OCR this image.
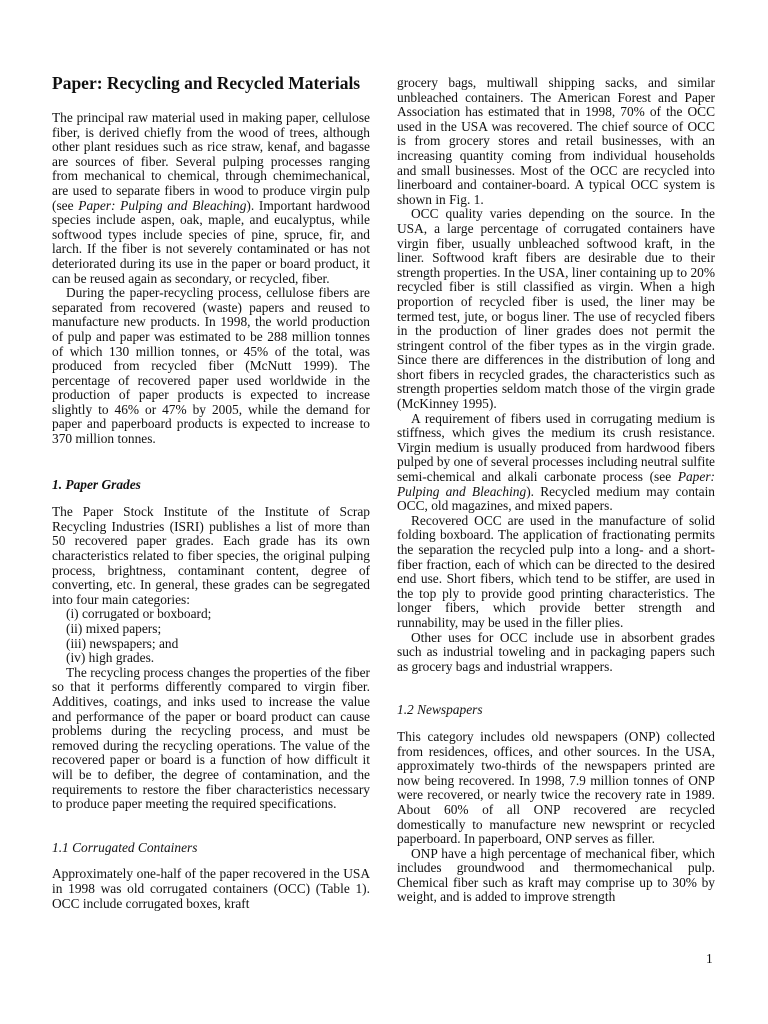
Paper: Recycling and Recycled Materials

The principal raw material used in making paper, cellulose fiber, is derived chiefly from the wood of trees, although other plant residues such as rice straw, kenaf, and bagasse are sources of fiber. Several pulping processes ranging from mechanical to chemical, through chemimechanical, are used to separate fibers in wood to produce virgin pulp (see Paper: Pulping and Bleaching). Important hardwood species include aspen, oak, maple, and eucalyptus, while softwood types include species of pine, spruce, fir, and larch. If the fiber is not severely contaminated or has not deteriorated during its use in the paper or board product, it can be reused again as secondary, or recycled, fiber.

During the paper-recycling process, cellulose fibers are separated from recovered (waste) papers and reused to manufacture new products. In 1998, the world production of pulp and paper was estimated to be 288 million tonnes of which 130 million tonnes, or 45% of the total, was produced from recycled fiber (McNutt 1999). The percentage of recovered paper used worldwide in the production of paper products is expected to increase slightly to 46% or 47% by 2005, while the demand for paper and paperboard products is expected to increase to 370 million tonnes.

1. Paper Grades

The Paper Stock Institute of the Institute of Scrap Recycling Industries (ISRI) publishes a list of more than 50 recovered paper grades. Each grade has its own characteristics related to fiber species, the original pulping process, brightness, contaminant content, degree of converting, etc. In general, these grades can be segregated into four main categories:

(i) corrugated or boxboard;
(ii) mixed papers;
(iii) newspapers; and
(iv) high grades.

The recycling process changes the properties of the fiber so that it performs differently compared to virgin fiber. Additives, coatings, and inks used to increase the value and performance of the paper or board product can cause problems during the recycling process, and must be removed during the recycling operations. The value of the recovered paper or board is a function of how difficult it will be to defiber, the degree of contamination, and the requirements to restore the fiber characteristics necessary to produce paper meeting the required specifications.

1.1 Corrugated Containers

Approximately one-half of the paper recovered in the USA in 1998 was old corrugated containers (OCC) (Table 1). OCC include corrugated boxes, kraft

grocery bags, multiwall shipping sacks, and similar unbleached containers. The American Forest and Paper Association has estimated that in 1998, 70% of the OCC used in the USA was recovered. The chief source of OCC is from grocery stores and retail businesses, with an increasing quantity coming from individual households and small businesses. Most of the OCC are recycled into linerboard and container-board. A typical OCC system is shown in Fig. 1.

OCC quality varies depending on the source. In the USA, a large percentage of corrugated containers have virgin fiber, usually unbleached softwood kraft, in the liner. Softwood kraft fibers are desirable due to their strength properties. In the USA, liner containing up to 20% recycled fiber is still classified as virgin. When a high proportion of recycled fiber is used, the liner may be termed test, jute, or bogus liner. The use of recycled fibers in the production of liner grades does not permit the stringent control of the fiber types as in the virgin grade. Since there are differences in the distribution of long and short fibers in recycled grades, the characteristics such as strength properties seldom match those of the virgin grade (McKinney 1995).

A requirement of fibers used in corrugating medium is stiffness, which gives the medium its crush resistance. Virgin medium is usually produced from hardwood fibers pulped by one of several processes including neutral sulfite semi-chemical and alkali carbonate process (see Paper: Pulping and Bleaching). Recycled medium may contain OCC, old magazines, and mixed papers.

Recovered OCC are used in the manufacture of solid folding boxboard. The application of fractionating permits the separation the recycled pulp into a long- and a short-fiber fraction, each of which can be directed to the desired end use. Short fibers, which tend to be stiffer, are used in the top ply to provide good printing characteristics. The longer fibers, which provide better strength and runnability, may be used in the filler plies.

Other uses for OCC include use in absorbent grades such as industrial toweling and in packaging papers such as grocery bags and industrial wrappers.

1.2 Newspapers

This category includes old newspapers (ONP) collected from residences, offices, and other sources. In the USA, approximately two-thirds of the newspapers printed are now being recovered. In 1998, 7.9 million tonnes of ONP were recovered, or nearly twice the recovery rate in 1989. About 60% of all ONP recovered are recycled domestically to manufacture new newsprint or recycled paperboard. In paperboard, ONP serves as filler.

ONP have a high percentage of mechanical fiber, which includes groundwood and thermomechanical pulp. Chemical fiber such as kraft may comprise up to 30% by weight, and is added to improve strength

1
